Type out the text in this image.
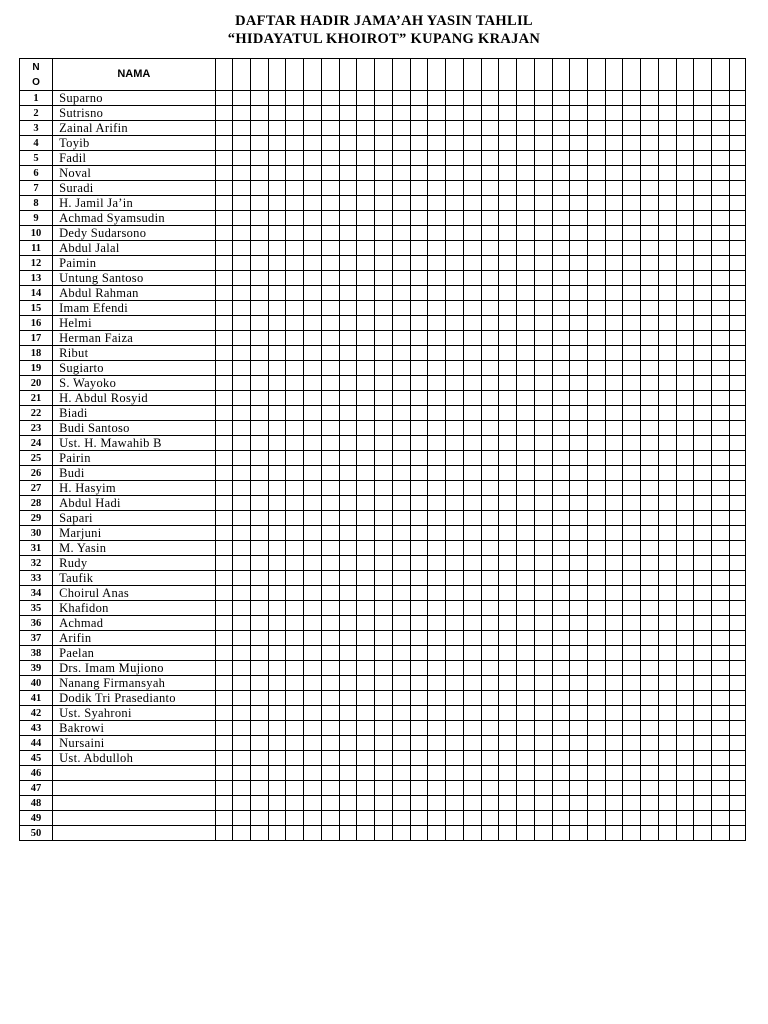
DAFTAR HADIR JAMA’AH YASIN TAHLIL
“HIDAYATUL KHOIROT” KUPANG KRAJAN
N
O	NAMA																														
1	Suparno																														
2	Sutrisno																														
3	Zainal Arifin																														
4	Toyib																														
5	Fadil																														
6	Noval																														
7	Suradi																														
8	H. Jamil Ja’in																														
9	Achmad Syamsudin																														
10	Dedy Sudarsono																														
11	Abdul Jalal																														
12	Paimin																														
13	Untung Santoso																														
14	Abdul Rahman																														
15	Imam Efendi																														
16	Helmi																														
17	Herman Faiza																														
18	Ribut																														
19	Sugiarto																														
20	S. Wayoko																														
21	H. Abdul Rosyid																														
22	Biadi																														
23	Budi Santoso																														
24	Ust. H. Mawahib B																														
25	Pairin																														
26	Budi																														
27	H. Hasyim																														
28	Abdul Hadi																														
29	Sapari																														
30	Marjuni																														
31	M. Yasin																														
32	Rudy																														
33	Taufik																														
34	Choirul Anas																														
35	Khafidon																														
36	Achmad																														
37	Arifin																														
38	Paelan																														
39	Drs. Imam Mujiono																														
40	Nanang Firmansyah																														
41	Dodik Tri Prasedianto																														
42	Ust. Syahroni																														
43	Bakrowi																														
44	Nursaini																														
45	Ust. Abdulloh																														
46																															
47																															
48																															
49																															
50																															
